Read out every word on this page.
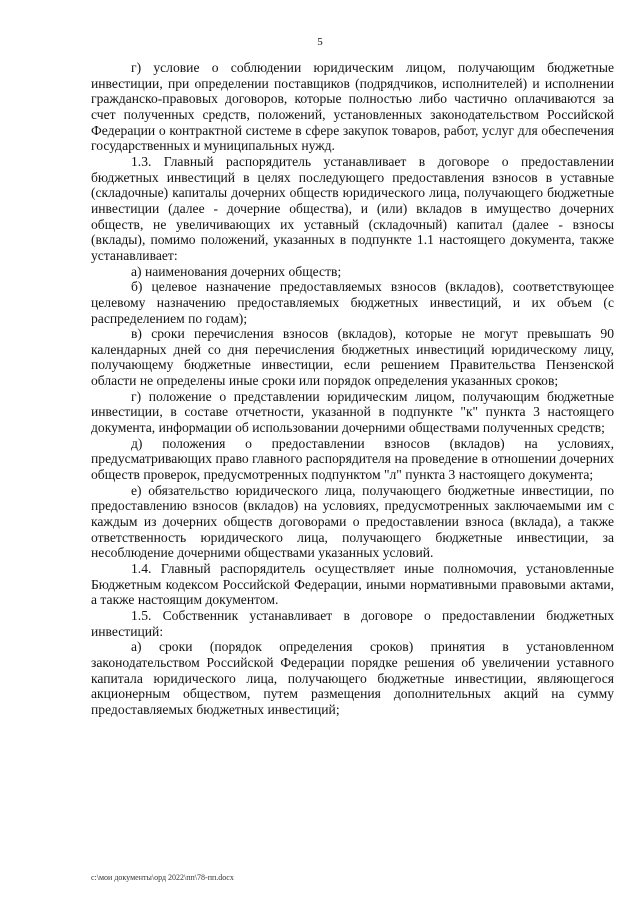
5

г) условие о соблюдении юридическим лицом, получающим бюджетные инвестиции, при определении поставщиков (подрядчиков, исполнителей) и исполнении гражданско-правовых договоров, которые полностью либо частично оплачиваются за счет полученных средств, положений, установленных законодательством Российской Федерации о контрактной системе в сфере закупок товаров, работ, услуг для обеспечения государственных и муниципальных нужд.

1.3. Главный распорядитель устанавливает в договоре о предоставлении бюджетных инвестиций в целях последующего предоставления взносов в уставные (складочные) капиталы дочерних обществ юридического лица, получающего бюджетные инвестиции (далее - дочерние общества), и (или) вкладов в имущество дочерних обществ, не увеличивающих их уставный (складочный) капитал (далее - взносы (вклады), помимо положений, указанных в подпункте 1.1 настоящего документа, также устанавливает:

а) наименования дочерних обществ;

б) целевое назначение предоставляемых взносов (вкладов), соответствующее целевому назначению предоставляемых бюджетных инвестиций, и их объем (с распределением по годам);

в) сроки перечисления взносов (вкладов), которые не могут превышать 90 календарных дней со дня перечисления бюджетных инвестиций юридическому лицу, получающему бюджетные инвестиции, если решением Правительства Пензенской области не определены иные сроки или порядок определения указанных сроков;

г) положение о представлении юридическим лицом, получающим бюджетные инвестиции, в составе отчетности, указанной в подпункте "к" пункта 3 настоящего документа, информации об использовании дочерними обществами полученных средств;

д) положения о предоставлении взносов (вкладов) на условиях, предусматривающих право главного распорядителя на проведение в отношении дочерних обществ проверок, предусмотренных подпунктом "л" пункта 3 настоящего документа;

е) обязательство юридического лица, получающего бюджетные инвестиции, по предоставлению взносов (вкладов) на условиях, предусмотренных заключаемыми им с каждым из дочерних обществ договорами о предоставлении взноса (вклада), а также ответственность юридического лица, получающего бюджетные инвестиции, за несоблюдение дочерними обществами указанных условий.

1.4. Главный распорядитель осуществляет иные полномочия, установленные Бюджетным кодексом Российской Федерации, иными нормативными правовыми актами, а также настоящим документом.

1.5. Собственник устанавливает в договоре о предоставлении бюджетных инвестиций:

а) сроки (порядок определения сроков) принятия в установленном законодательством Российской Федерации порядке решения об увеличении уставного капитала юридического лица, получающего бюджетные инвестиции, являющегося акционерным обществом, путем размещения дополнительных акций на сумму предоставляемых бюджетных инвестиций;

c:\мои документы\орд 2022\пп\78-пп.docx
